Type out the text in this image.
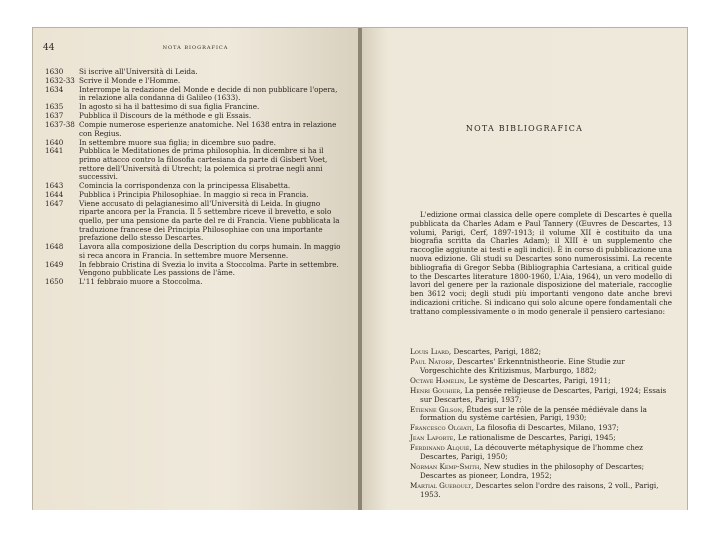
44	NOTA BIOGRAFICA
1630	Si iscrive all'Università di Leida.
1632-33 Scrive il Monde e l'Homme.
1634	Interrompe la redazione del Monde e decide di non pubblicare l'opera, in relazione alla condanna di Galileo (1633).
1635	In agosto si ha il battesimo di sua figlia Francine.
1637	Pubblica il Discours de la méthode e gli Essais.
1637-38 Compie numerose esperienze anatomiche. Nel 1638 entra in relazione con Regius.
1640	In settembre muore sua figlia; in dicembre suo padre.
1641	Pubblica le Meditationes de prima philosophia. In dicembre si ha il primo attacco contro la filosofia cartesiana da parte di Gisbert Voet, rettore dell'Università di Utrecht; la polemica si protrae negli anni successivi.
1643	Comincia la corrispondenza con la principessa Elisabetta.
1644	Pubblica i Principia Philosophiae. In maggio si reca in Francia.
1647	Viene accusato di pelagianesimo all'Università di Leida. In giugno riparte ancora per la Francia. Il 5 settembre riceve il brevetto, e solo quello, per una pensione da parte del re di Francia. Viene pubblicata la traduzione francese dei Principia Philosophiae con una importante prefazione dello stesso Descartes.
1648	Lavora alla composizione della Description du corps humain. In maggio si reca ancora in Francia. In settembre muore Mersenne.
1649	In febbraio Cristina di Svezia lo invita a Stoccolma. Parte in settembre. Vengono pubblicate Les passions de l'âme.
1650	L'11 febbraio muore a Stoccolma.
NOTA BIBLIOGRAFICA

L'edizione ormai classica delle opere complete di Descartes è quella pubblicata da Charles Adam e Paul Tannery (Œuvres de Descartes, 13 volumi, Parigi, Cerf, 1897-1913; il volume XII è costituito da una biografia scritta da Charles Adam); il XIII è un supplemento che raccoglie aggiunte ai testi e agli indici). È in corso di pubblicazione una nuova edizione. Gli studi su Descartes sono numerosissimi. La recente bibliografia di Gregor Sebba (Bibliographia Cartesiana, a critical guide to the Descartes literature 1800-1960, L'Aia, 1964), un vero modello di lavori del genere per la razionale disposizione del materiale, raccoglie ben 3612 voci; degli studi più importanti vengono date anche brevi indicazioni critiche. Si indicano qui solo alcune opere fondamentali che trattano complessivamente o in modo generale il pensiero cartesiano:

Louis Liard, Descartes, Parigi, 1882;
Paul Natorp, Descartes' Erkenntnistheorie. Eine Studie zur Vorgeschichte des Kritizismus, Marburgo, 1882;
Octave Hamelin, Le système de Descartes, Parigi, 1911;
Henri Gouhier, La pensée religieuse de Descartes, Parigi, 1924; Essais sur Descartes, Parigi, 1937;
Etienne Gilson, Études sur le rôle de la pensée médiévale dans la formation du système cartésien, Parigi, 1930;
Francesco Olgiati, La filosofia di Descartes, Milano, 1937;
Jean Laporte, Le rationalisme de Descartes, Parigi, 1945;
Ferdinand Alquié, La découverte métaphysique de l'homme chez Descartes, Parigi, 1950;
Norman Kemp-Smith, New studies in the philosophy of Descartes; Descartes as pioneer, Londra, 1952;
Martial Gueroult, Descartes selon l'ordre des raisons, 2 voll., Parigi, 1953.
